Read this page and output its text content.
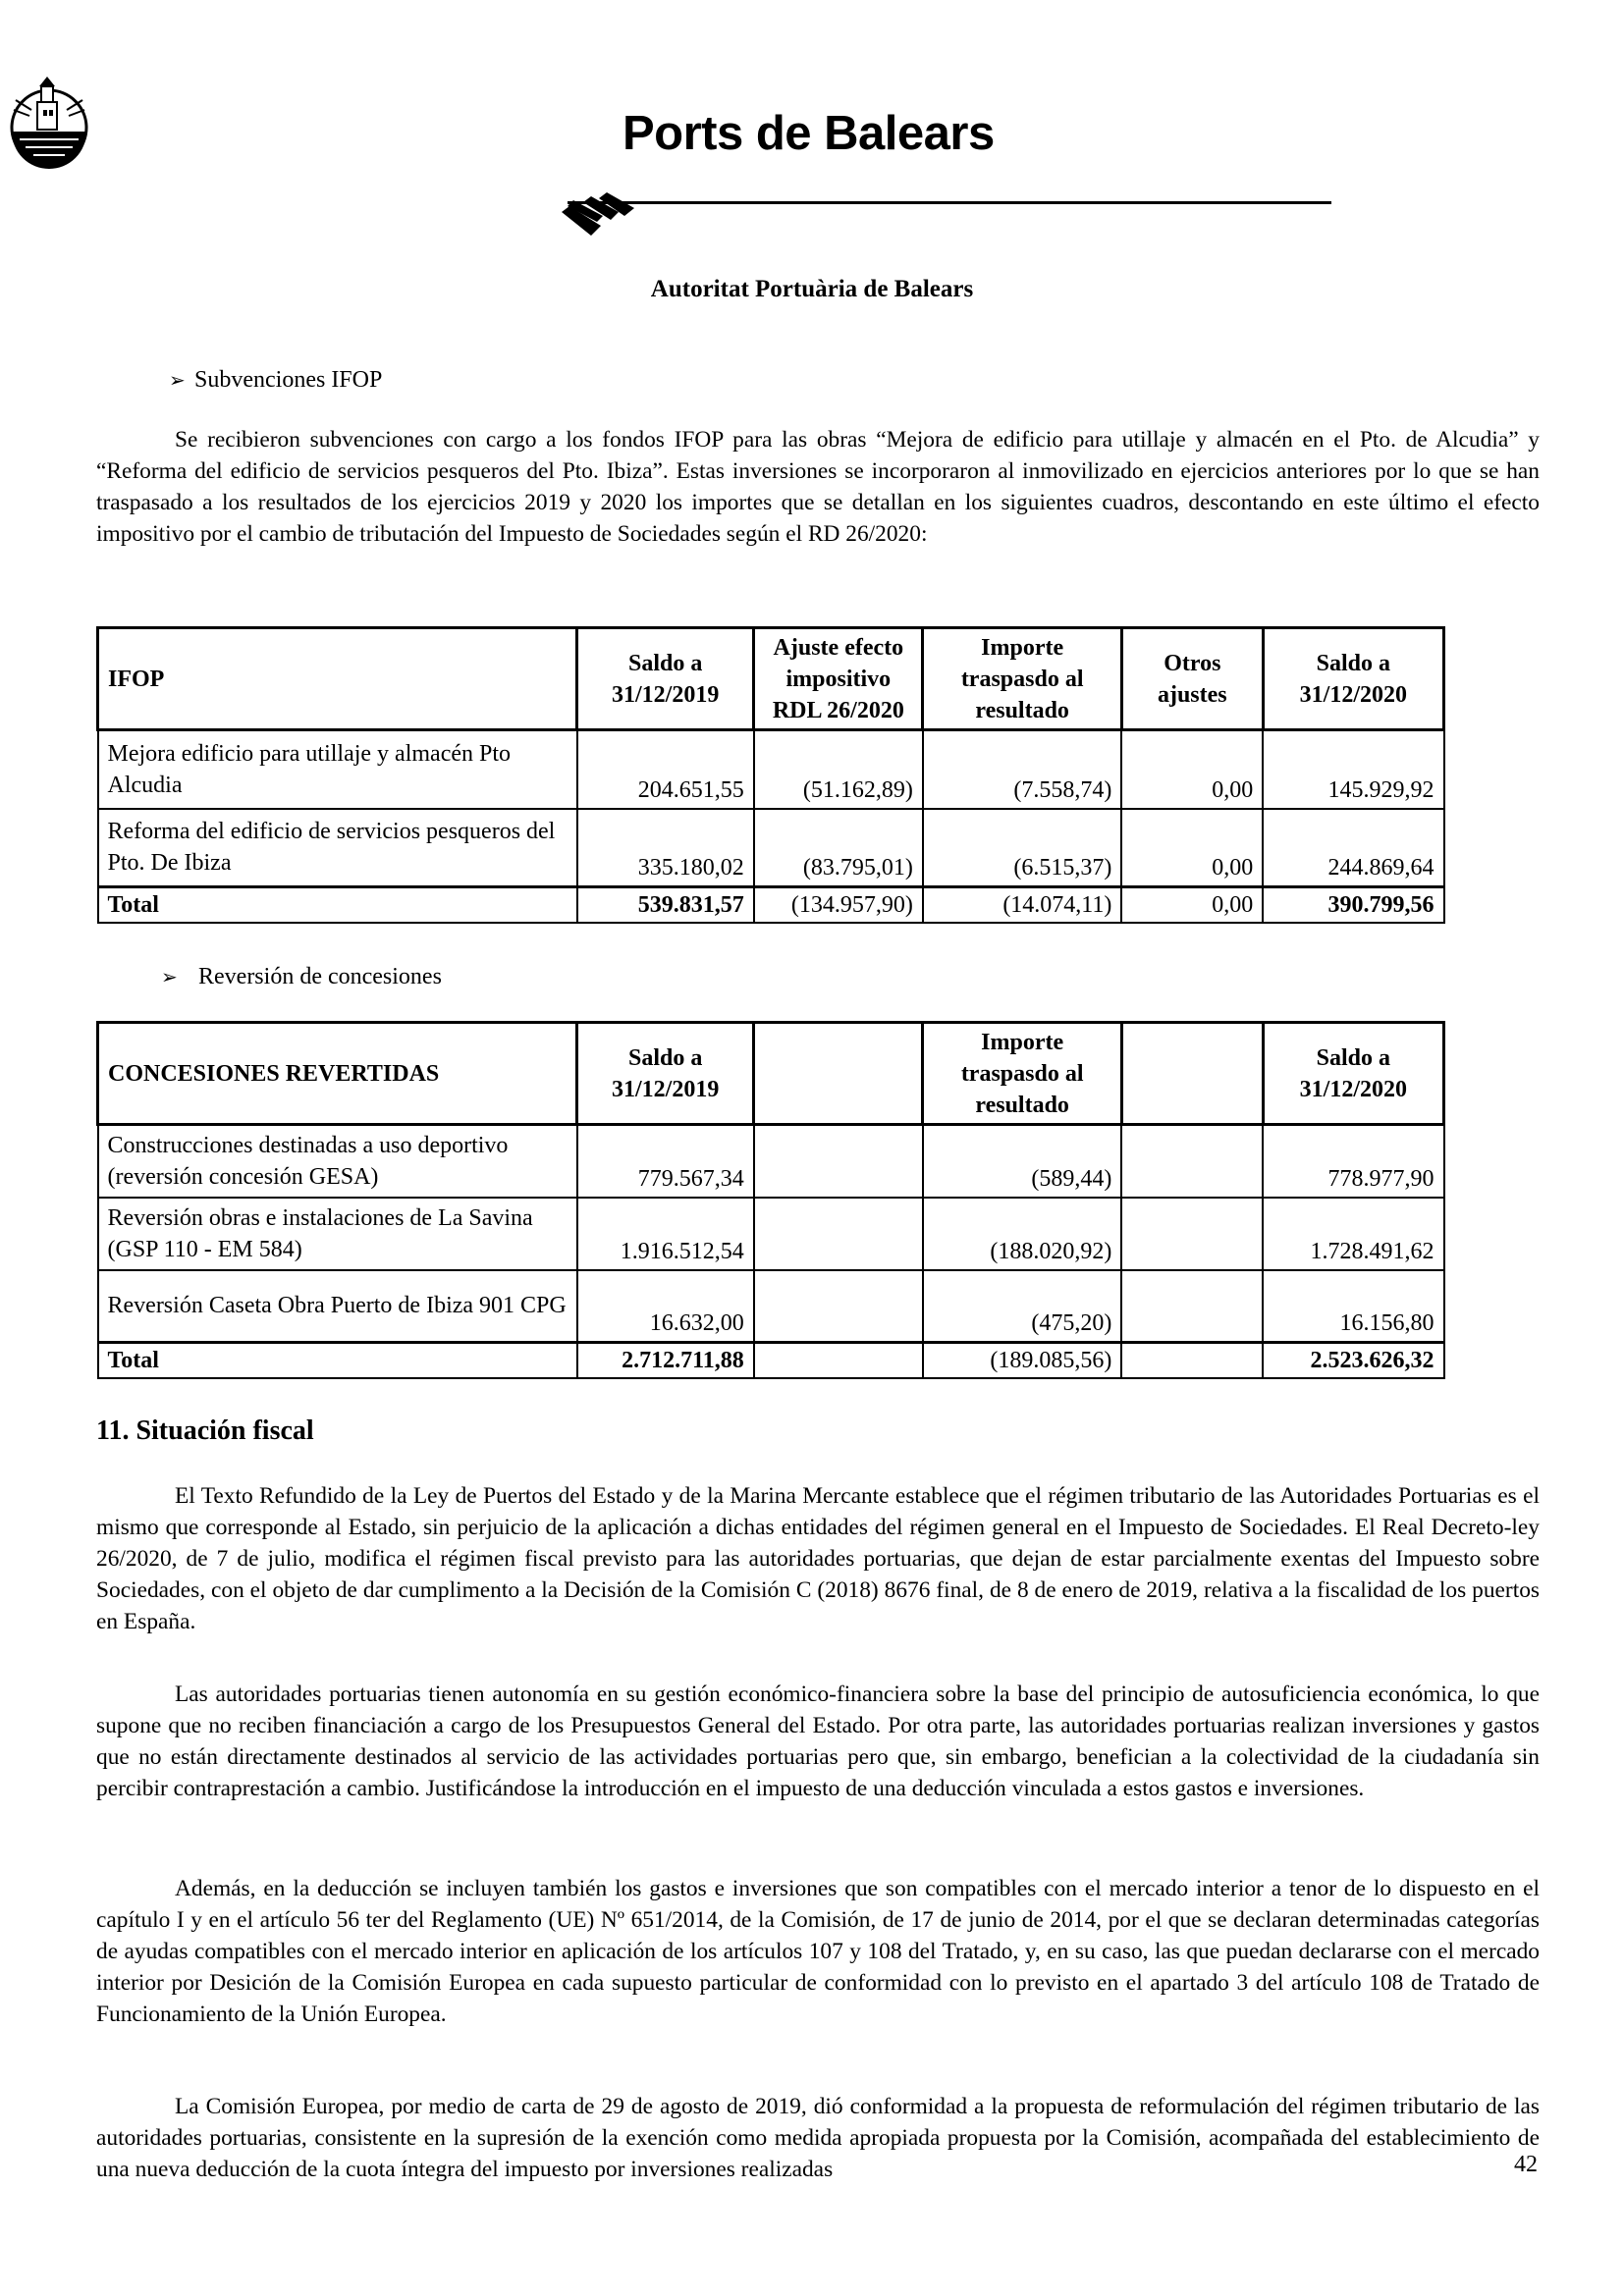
Ports de Balears
Autoritat Portuària de Balears
➢ Subvenciones IFOP

Se recibieron subvenciones con cargo a los fondos IFOP para las obras “Mejora de edificio para utillaje y almacén en el Pto. de Alcudia” y “Reforma del edificio de servicios pesqueros del Pto. Ibiza”. Estas inversiones se incorporaron al inmovilizado en ejercicios anteriores por lo que se han traspasado a los resultados de los ejercicios 2019 y 2020 los importes que se detallan en los siguientes cuadros, descontando en este último el efecto impositivo por el cambio de tributación del Impuesto de Sociedades según el RD 26/2020:

IFOP	Saldo a 31/12/2019	Ajuste efecto impositivo RDL 26/2020	Importe traspasdo al resultado	Otros ajustes	Saldo a 31/12/2020
Mejora edificio para utillaje y almacén Pto Alcudia	204.651,55	(51.162,89)	(7.558,74)	0,00	145.929,92
Reforma del edificio de servicios pesqueros del Pto. De Ibiza	335.180,02	(83.795,01)	(6.515,37)	0,00	244.869,64
Total	539.831,57	(134.957,90)	(14.074,11)	0,00	390.799,56
➢ Reversión de concesiones
CONCESIONES REVERTIDAS	Saldo a 31/12/2019		Importe traspasdo al resultado		Saldo a 31/12/2020
Construcciones destinadas a uso deportivo (reversión concesión GESA)	779.567,34		(589,44)		778.977,90
Reversión obras e instalaciones de La Savina (GSP 110 - EM 584)	1.916.512,54		(188.020,92)		1.728.491,62
Reversión Caseta Obra Puerto de Ibiza 901 CPG	16.632,00		(475,20)		16.156,80
Total	2.712.711,88		(189.085,56)		2.523.626,32
11. Situación fiscal

El Texto Refundido de la Ley de Puertos del Estado y de la Marina Mercante establece que el régimen tributario de las Autoridades Portuarias es el mismo que corresponde al Estado, sin perjuicio de la aplicación a dichas entidades del régimen general en el Impuesto de Sociedades. El Real Decreto-ley 26/2020, de 7 de julio, modifica el régimen fiscal previsto para las autoridades portuarias, que dejan de estar parcialmente exentas del Impuesto sobre Sociedades, con el objeto de dar cumplimento a la Decisión de la Comisión C (2018) 8676 final, de 8 de enero de 2019, relativa a la fiscalidad de los puertos en España.

Las autoridades portuarias tienen autonomía en su gestión económico-financiera sobre la base del principio de autosuficiencia económica, lo que supone que no reciben financiación a cargo de los Presupuestos General del Estado. Por otra parte, las autoridades portuarias realizan inversiones y gastos que no están directamente destinados al servicio de las actividades portuarias pero que, sin embargo, benefician a la colectividad de la ciudadanía sin percibir contraprestación a cambio. Justificándose la introducción en el impuesto de una deducción vinculada a estos gastos e inversiones.

Además, en la deducción se incluyen también los gastos e inversiones que son compatibles con el mercado interior a tenor de lo dispuesto en el capítulo I y en el artículo 56 ter del Reglamento (UE) Nº 651/2014, de la Comisión, de 17 de junio de 2014, por el que se declaran determinadas categorías de ayudas compatibles con el mercado interior en aplicación de los artículos 107 y 108 del Tratado, y, en su caso, las que puedan declararse con el mercado interior por Desición de la Comisión Europea en cada supuesto particular de conformidad con lo previsto en el apartado 3 del artículo 108 de Tratado de Funcionamiento de la Unión Europea.

La Comisión Europea, por medio de carta de 29 de agosto de 2019, dió conformidad a la propuesta de reformulación del régimen tributario de las autoridades portuarias, consistente en la supresión de la exención como medida apropiada propuesta por la Comisión, acompañada del establecimiento de una nueva deducción de la cuota íntegra del impuesto por inversiones realizadas	42
